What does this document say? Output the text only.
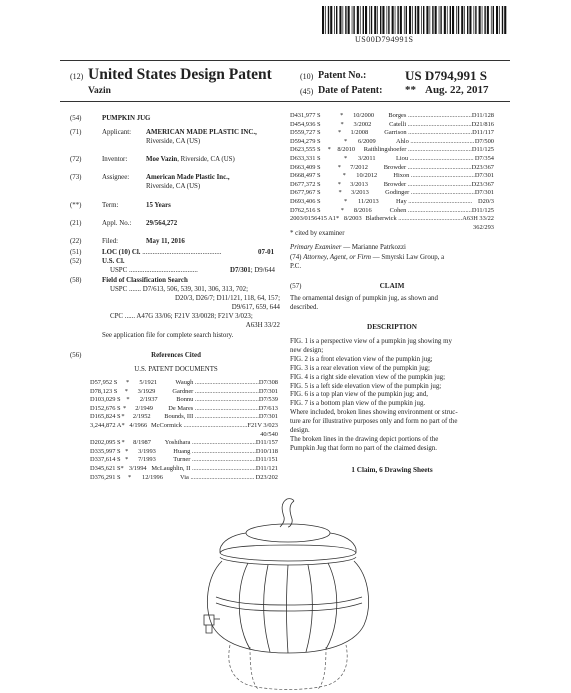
US00D794991S
(12) United States Design Patent
Vazin
(10) Patent No.:	US D794,991 S
(45) Date of Patent: ** Aug. 22, 2017
(54)	PUMPKIN JUG
(71)	Applicant: AMERICAN MADE PLASTIC INC.,
Riverside, CA (US)
(72)	Inventor:	Moe Vazin, Riverside, CA (US)
(73)	Assignee: American Made Plastic Inc.,
Riverside, CA (US)
(**)	Term:	15 Years
(21)	Appl. No.: 29/564,272
(22)	Filed:	May 11, 2016
(51)	LOC (10) Cl. ..............................................	07-01
(52)	U.S. Cl.
USPC ........................................	D7/301; D9/644
(58)	Field of Classification Search
USPC ....... D7/613, 506, 539, 301, 306, 313, 702;
D20/3, D26/7; D11/121, 118, 64, 157;
D9/617, 659, 644
CPC ...... A47G 33/06; F21V 33/0028; F21V 3/023;
A63H 33/22
See application file for complete search history.
(56)	References Cited
U.S. PATENT DOCUMENTS
D57,952 S	*	5/1921	Waugh ........................................ D7/308
D78,123 S	*	3/1929	Gardner ........................................ D7/301
D103,029 S *	2/1937	Bonnu ........................................ D7/539
D152,676 S *	2/1949	De Mares ........................................ D7/613
D165,824 S *	2/1952	Bounds, III ........................................ D7/301
3,244,872 A * 4/1966 McCormick ........................................ F21V 3/023
40/540
D202,095 S *	8/1987	Yoshihara ........................................ D11/157
D335,997 S *	3/1993	Huang ........................................ D10/118
D337,614 S *	7/1993	Turner ........................................ D11/151
D345,621 S * 3/1994 McLaughlin, II ........................................ D11/121
D376,291 S	*	12/1996	Via ........................................ D23/202
D431,977 S	*	10/2000	Borges ........................................ D11/128
D454,936 S	*	3/2002	Catelli ........................................ D21/816
D559,727 S	*	1/2008	Garrison ........................................ D11/117
D594,279 S	*	6/2009	Ahlo ........................................ D7/500
D623,555 S	*	8/2010	Raithlingshoefer ........................................ D11/125
D633,331 S	*	3/2011	Liou ........................................ D7/354
D663,409 S	*	7/2012	Browder ........................................ D23/367
D668,497 S	*	10/2012	Hixon ........................................ D7/301
D677,372 S	*	3/2013	Browder ........................................ D23/367
D677,967 S	*	3/2013	Godinger ........................................ D7/301
D693,406 S	*	11/2013	Hay ........................................ D20/3
D762,516 S	*	8/2016	Cohen ........................................ D11/125
2003/0156415 A1 * 8/2003 Blatherwick ........................................ A63H 33/22
362/293
* cited by examiner
Primary Examiner — Marianne Patrkozzi
(74) Attorney, Agent, or Firm — Smyrski Law Group, a
P.C.
(57)	CLAIM
The ornamental design of pumpkin jug, as shown and
described.
DESCRIPTION
FIG. 1 is a perspective view of a pumpkin jug showing my
new design;
FIG. 2 is a front elevation view of the pumpkin jug;
FIG. 3 is a rear elevation view of the pumpkin jug;
FIG. 4 is a right side elevation view of the pumpkin jug;
FIG. 5 is a left side elevation view of the pumpkin jug;
FIG. 6 is a top plan view of the pumpkin jug; and,
FIG. 7 is a bottom plan view of the pumpkin jug.
Where included, broken lines showing environment or struc-
ture are for illustrative purposes only and form no part of the
design.
The broken lines in the drawing depict portions of the
Pumpkin Jug that form no part of the claimed design.
1 Claim, 6 Drawing Sheets
